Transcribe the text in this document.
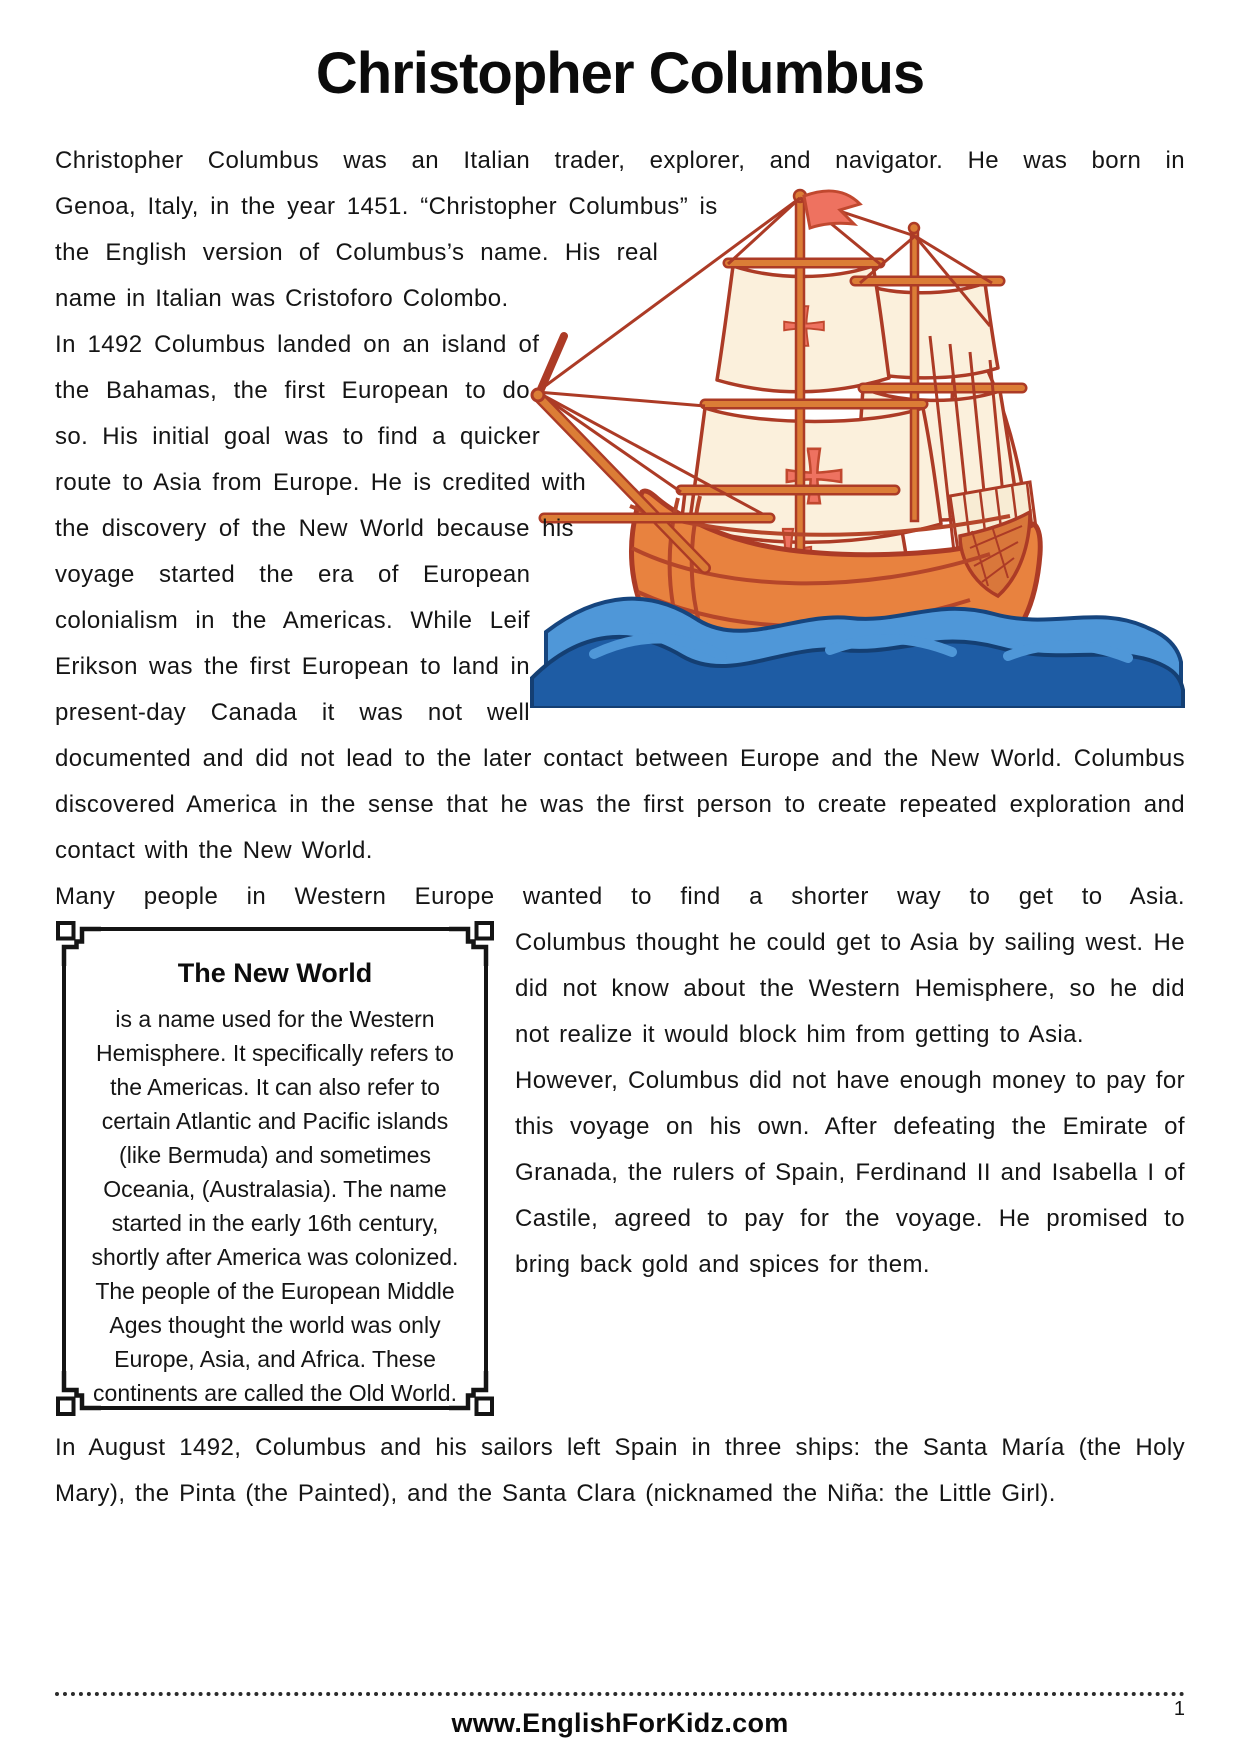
Christopher Columbus

Christopher Columbus was an Italian trader, explorer, and navigator. He was born in

Genoa, Italy, in the year 1451. “Christopher Columbus” is the English version of Columbus’s name. His real name in Italian was Cristoforo Colombo.

In 1492 Columbus landed on an island of the Bahamas, the first European to do so. His initial goal was to find a quicker route to Asia from Europe. He is credited with the discovery of the New World because his voyage started the era of European colonialism in the Americas. While Leif Erikson was the first European to land in present-day Canada it was not well documented and did not lead to the later contact between Europe and the New World. Columbus discovered America in the sense that he was the first person to create repeated exploration and contact with the New World.

Many people in Western Europe wanted to find a shorter way to get to Asia.

The New World
is a name used for the Western Hemisphere. It specifically refers to the Americas. It can also refer to certain Atlantic and Pacific islands (like Bermuda) and sometimes Oceania, (Australasia). The name started in the early 16th century, shortly after America was colonized. The people of the European Middle Ages thought the world was only Europe, Asia, and Africa. These continents are called the Old World.

Columbus thought he could get to Asia by sailing west. He did not know about the Western Hemisphere, so he did not realize it would block him from getting to Asia.

However, Columbus did not have enough money to pay for this voyage on his own. After defeating the Emirate of Granada, the rulers of Spain, Ferdinand II and Isabella I of Castile, agreed to pay for the voyage. He promised to bring back gold and spices for them.

In August 1492, Columbus and his sailors left Spain in three ships: the Santa María (the Holy Mary), the Pinta (the Painted), and the Santa Clara (nicknamed the Niña: the Little Girl).

1
www.EnglishForKidz.com
